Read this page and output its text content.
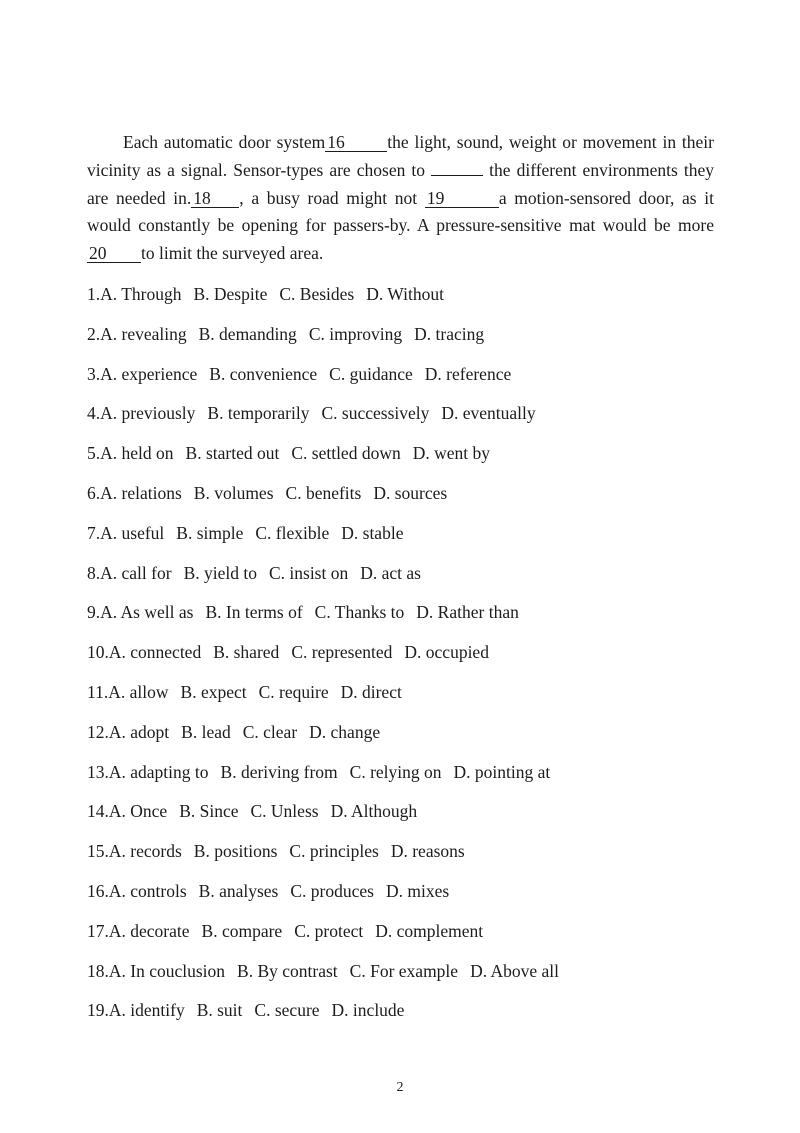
Each automatic door system 16 the light, sound, weight or movement in their vicinity as a signal. Sensor-types are chosen to	the different environments they are needed in. 18 , a busy road might not 19	a motion-sensored door, as it would constantly be opening for passers-by. A pressure-sensitive mat would be more20 to limit the surveyed area.

1.A. Through B. Despite C. Besides D. Without
2.A. revealing B. demanding C. improving D. tracing
3.A. experience B. convenience C. guidance D. reference
4.A. previously B. temporarily C. successively D. eventually
5.A. held on B. started out C. settled down D. went by
6.A. relations B. volumes C. benefits D. sources
7.A. useful B. simple C. flexible D. stable
8.A. call for B. yield to C. insist on D. act as
9.A. As well as B. In terms of C. Thanks to D. Rather than
10.A. connected B. shared C. represented D. occupied
11.A. allow B. expect C. require D. direct
12.A. adopt B. lead C. clear D. change
13.A. adapting to B. deriving from C. relying on D. pointing at
14.A. Once B. Since C. Unless D. Although
15.A. records B. positions C. principles D. reasons
16.A. controls B. analyses C. produces D. mixes
17.A. decorate B. compare C. protect D. complement
18.A. In couclusion B. By contrast C. For example D. Above all
19.A. identify B. suit C. secure D. include

2
